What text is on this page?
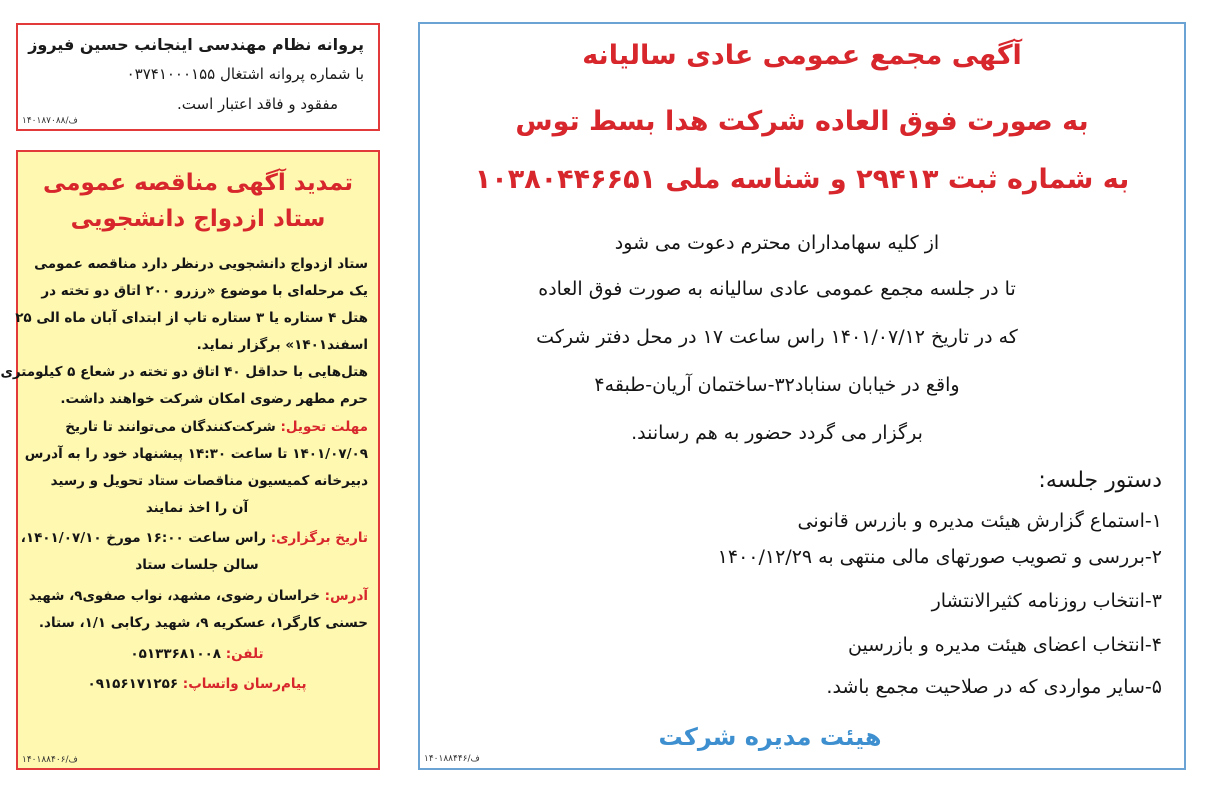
آگهی مجمع عمومی عادی سالیانه
به صورت فوق العاده شرکت هدا بسط توس
به شماره ثبت ۲۹۴۱۳ و شناسه ملی ۱۰۳۸۰۴۴۶۶۵۱
از کلیه سهامداران محترم دعوت می شود
تا در جلسه مجمع عمومی عادی سالیانه به صورت فوق العاده
که در تاریخ ۱۴۰۱/۰۷/۱۲ راس ساعت ۱۷ در محل دفتر شرکت
واقع در خیابان سناباد۳۲-ساختمان آریان-طبقه۴
برگزار می گردد حضور به هم رسانند.
دستور جلسه:
۱-استماع گزارش هیئت مدیره و بازرس قانونی
۲-بررسی و تصویب صورتهای مالی منتهی به ۱۴۰۰/۱۲/۲۹
۳-انتخاب روزنامه کثیرالانتشار
۴-انتخاب اعضای هیئت مدیره و بازرسین
۵-سایر مواردی که در صلاحیت مجمع باشد.
هیئت مدیره شرکت
۱۴۰۱۸۸۴۴۶/ف
پروانه نظام مهندسی اینجانب حسین فیروز
با شماره پروانه اشتغال ۰۳۷۴۱۰۰۰۱۵۵
مفقود و فاقد اعتبار است.
۱۴۰۱۸۷۰۸۸/ف
تمدید آگهی مناقصه عمومی
ستاد ازدواج دانشجویی
ستاد ازدواج دانشجویی درنظر دارد مناقصه عمومی
یک مرحله‌ای با موضوع «رزرو ۲۰۰ اتاق دو تخته در
هتل ۴ ستاره یا ۳ ستاره تاپ از ابتدای آبان ماه الی ۲۵
اسفند۱۴۰۱» برگزار نماید.
هتل‌هایی با حداقل ۴۰ اتاق دو تخته در شعاع ۵ کیلومتری
حرم مطهر رضوی امکان شرکت خواهند داشت.
مهلت تحویل: شرکت‌کنندگان می‌توانند تا تاریخ
۱۴۰۱/۰۷/۰۹ تا ساعت ۱۴:۳۰ پیشنهاد خود را به آدرس
دبیرخانه کمیسیون مناقصات ستاد تحویل و رسید
آن را اخذ نمایند
تاریخ برگزاری: راس ساعت ۱۶:۰۰ مورخ ۱۴۰۱/۰۷/۱۰،
سالن جلسات ستاد
آدرس: خراسان رضوی، مشهد، نواب صفوی۹، شهید
حسنی کارگر۱، عسکریه ۹، شهید رکابی ۱/۱، ستاد.
تلفن: ۰۵۱۳۳۶۸۱۰۰۸
پیام‌رسان واتساپ: ۰۹۱۵۶۱۷۱۲۵۶
۱۴۰۱۸۸۴۰۶/ف
